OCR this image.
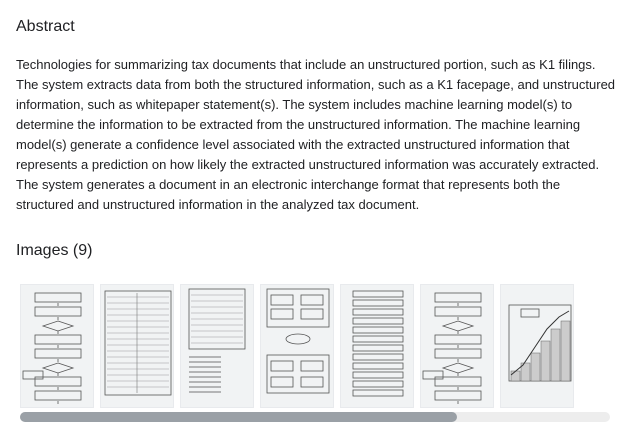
Abstract

Technologies for summarizing tax documents that include an unstructured portion, such as K1 filings. The system extracts data from both the structured information, such as a K1 facepage, and unstructured information, such as whitepaper statement(s). The system includes machine learning model(s) to determine the information to be extracted from the unstructured information. The machine learning model(s) generate a confidence level associated with the extracted unstructured information that represents a prediction on how likely the extracted unstructured information was accurately extracted. The system generates a document in an electronic interchange format that represents both the structured and unstructured information in the analyzed tax document.

Images (9)
